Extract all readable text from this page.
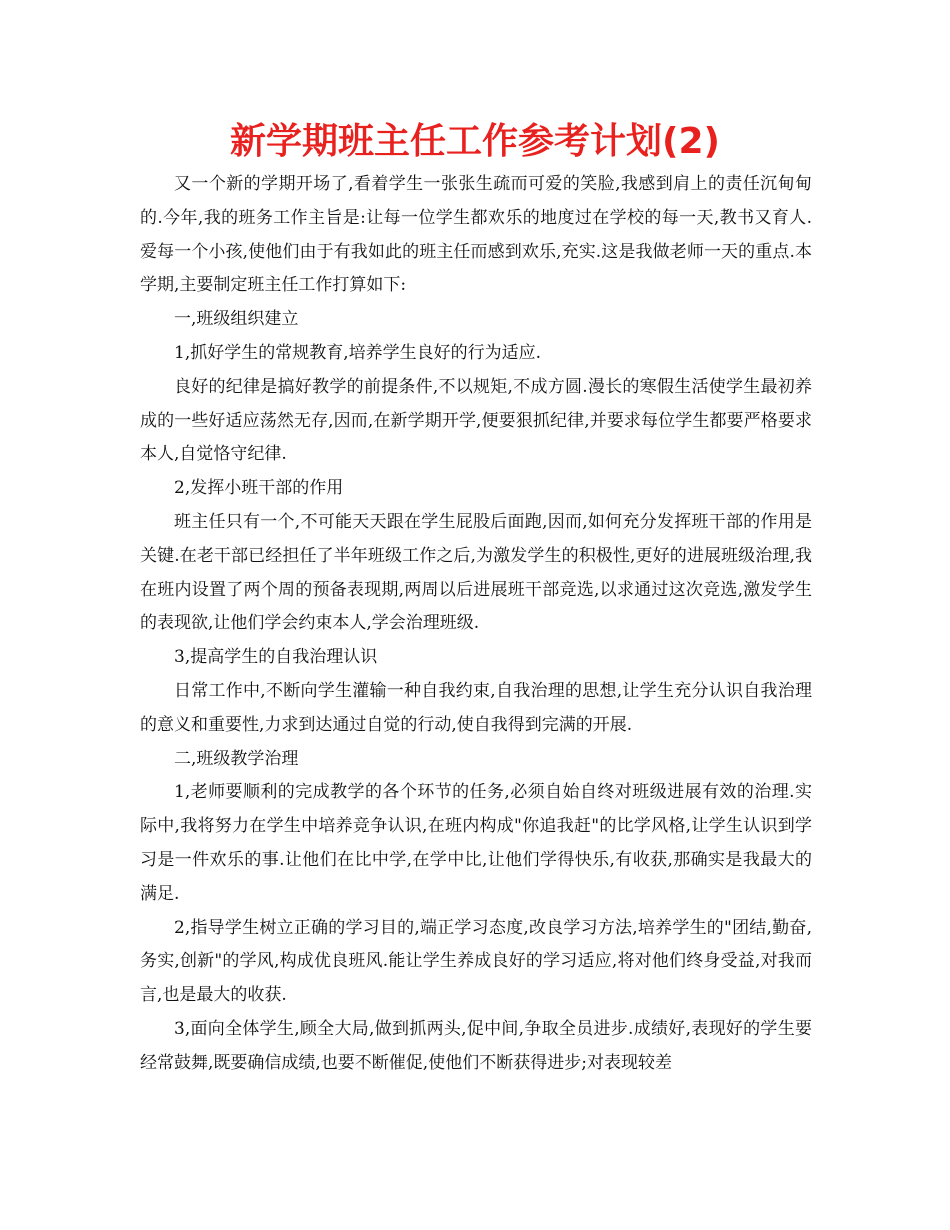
新学期班主任工作参考计划(2)

又一个新的学期开场了,看着学生一张张生疏而可爱的笑脸,我感到肩上的责任沉甸甸的.今年,我的班务工作主旨是:让每一位学生都欢乐的地度过在学校的每一天,教书又育人.爱每一个小孩,使他们由于有我如此的班主任而感到欢乐,充实.这是我做老师一天的重点.本学期,主要制定班主任工作打算如下:

一,班级组织建立

1,抓好学生的常规教育,培养学生良好的行为适应.

良好的纪律是搞好教学的前提条件,不以规矩,不成方圆.漫长的寒假生活使学生最初养成的一些好适应荡然无存,因而,在新学期开学,便要狠抓纪律,并要求每位学生都要严格要求本人,自觉恪守纪律.

2,发挥小班干部的作用

班主任只有一个,不可能天天跟在学生屁股后面跑,因而,如何充分发挥班干部的作用是关键.在老干部已经担任了半年班级工作之后,为激发学生的积极性,更好的进展班级治理,我在班内设置了两个周的预备表现期,两周以后进展班干部竞选,以求通过这次竞选,激发学生的表现欲,让他们学会约束本人,学会治理班级.

3,提高学生的自我治理认识

日常工作中,不断向学生灌输一种自我约束,自我治理的思想,让学生充分认识自我治理的意义和重要性,力求到达通过自觉的行动,使自我得到完满的开展.

二,班级教学治理

1,老师要顺利的完成教学的各个环节的任务,必须自始自终对班级进展有效的治理.实际中,我将努力在学生中培养竞争认识,在班内构成"你追我赶"的比学风格,让学生认识到学习是一件欢乐的事.让他们在比中学,在学中比,让他们学得快乐,有收获,那确实是我最大的满足.

2,指导学生树立正确的学习目的,端正学习态度,改良学习方法,培养学生的"团结,勤奋,务实,创新"的学风,构成优良班风.能让学生养成良好的学习适应,将对他们终身受益,对我而言,也是最大的收获.

3,面向全体学生,顾全大局,做到抓两头,促中间,争取全员进步.成绩好,表现好的学生要经常鼓舞,既要确信成绩,也要不断催促,使他们不断获得进步;对表现较差
